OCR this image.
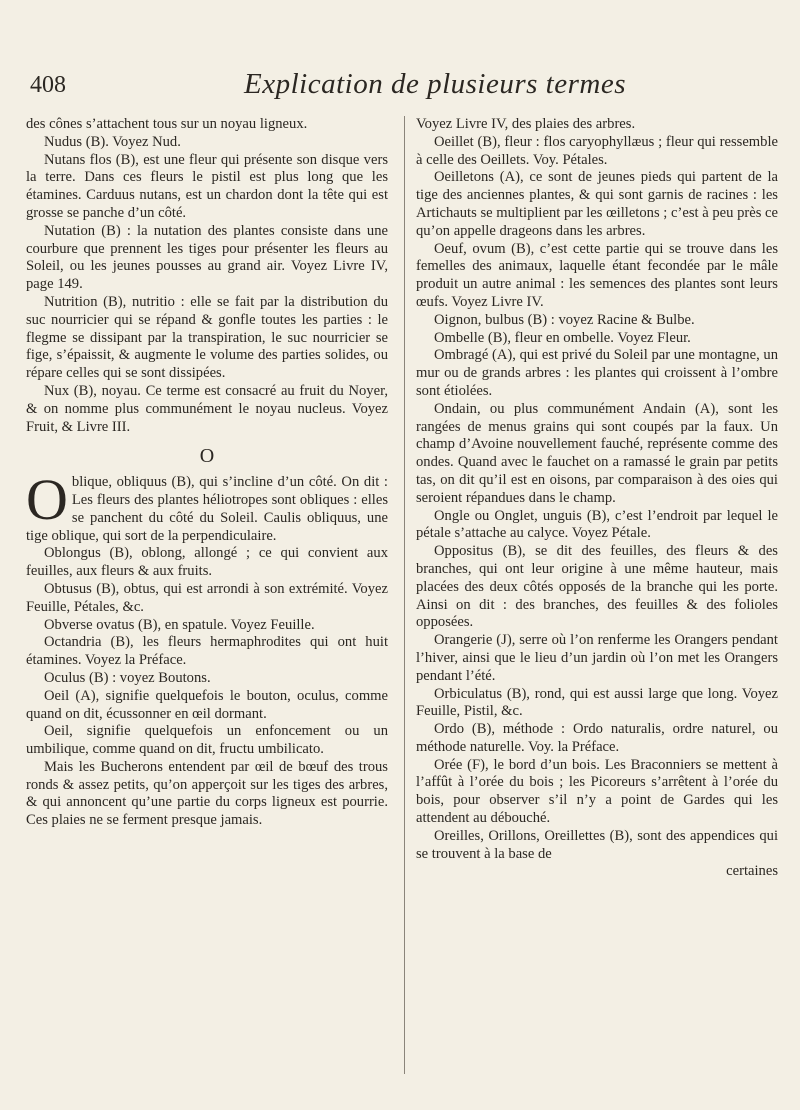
408	Explication de plusieurs termes

des cônes s’attachent tous sur un noyau ligneux.

Nudus (B). Voyez Nud.

Nutans flos (B), est une fleur qui présente son disque vers la terre. Dans ces fleurs le pistil est plus long que les étamines. Carduus nutans, est un chardon dont la tête qui est grosse se panche d’un côté.

Nutation (B) : la nutation des plantes consiste dans une courbure que prennent les tiges pour présenter les fleurs au Soleil, ou les jeunes pousses au grand air. Voyez Livre IV, page 149.

Nutrition (B), nutritio : elle se fait par la distribution du suc nourricier qui se répand & gonfle toutes les parties : le flegme se dissipant par la transpiration, le suc nourricier se fige, s’épaissit, & augmente le volume des parties solides, ou répare celles qui se sont dissipées.

Nux (B), noyau. Ce terme est consacré au fruit du Noyer, & on nomme plus communément le noyau nucleus. Voyez Fruit, & Livre III.

O

Oblique, obliquus (B), qui s’incline d’un côté. On dit : Les fleurs des plantes héliotropes sont obliques : elles se panchent du côté du Soleil. Caulis obliquus, une tige oblique, qui sort de la perpendiculaire.

Oblongus (B), oblong, allongé ; ce qui convient aux feuilles, aux fleurs & aux fruits.

Obtusus (B), obtus, qui est arrondi à son extrémité. Voyez Feuille, Pétales, &c.

Obverse ovatus (B), en spatule. Voyez Feuille.

Octandria (B), les fleurs hermaphrodites qui ont huit étamines. Voyez la Préface.

Oculus (B) : voyez Boutons.

Oeil (A), signifie quelquefois le bouton, oculus, comme quand on dit, écussonner en œil dormant.

Oeil, signifie quelquefois un enfoncement ou un umbilique, comme quand on dit, fructu umbilicato.

Mais les Bucherons entendent par œil de bœuf des trous ronds & assez petits, qu’on apperçoit sur les tiges des arbres, & qui annoncent qu’une partie du corps ligneux est pourrie. Ces plaies ne se ferment presque jamais.

Voyez Livre IV, des plaies des arbres.

Oeillet (B), fleur : flos caryophyllæus ; fleur qui ressemble à celle des Oeillets. Voy. Pétales.

Oeilletons (A), ce sont de jeunes pieds qui partent de la tige des anciennes plantes, & qui sont garnis de racines : les Artichauts se multiplient par les œilletons ; c’est à peu près ce qu’on appelle drageons dans les arbres.

Oeuf, ovum (B), c’est cette partie qui se trouve dans les femelles des animaux, laquelle étant fecondée par le mâle produit un autre animal : les semences des plantes sont leurs œufs. Voyez Livre IV.

Oignon, bulbus (B) : voyez Racine & Bulbe.

Ombelle (B), fleur en ombelle. Voyez Fleur.

Ombragé (A), qui est privé du Soleil par une montagne, un mur ou de grands arbres : les plantes qui croissent à l’ombre sont étiolées.

Ondain, ou plus communément Andain (A), sont les rangées de menus grains qui sont coupés par la faux. Un champ d’Avoine nouvellement fauché, représente comme des ondes. Quand avec le fauchet on a ramassé le grain par petits tas, on dit qu’il est en oisons, par comparaison à des oies qui seroient répandues dans le champ.

Ongle ou Onglet, unguis (B), c’est l’endroit par lequel le pétale s’attache au calyce. Voyez Pétale.

Oppositus (B), se dit des feuilles, des fleurs & des branches, qui ont leur origine à une même hauteur, mais placées des deux côtés opposés de la branche qui les porte. Ainsi on dit : des branches, des feuilles & des folioles opposées.

Orangerie (J), serre où l’on renferme les Orangers pendant l’hiver, ainsi que le lieu d’un jardin où l’on met les Orangers pendant l’été.

Orbiculatus (B), rond, qui est aussi large que long. Voyez Feuille, Pistil, &c.

Ordo (B), méthode : Ordo naturalis, ordre naturel, ou méthode naturelle. Voy. la Préface.

Orée (F), le bord d’un bois. Les Braconniers se mettent à l’affût à l’orée du bois ; les Picoreurs s’arrêtent à l’orée du bois, pour observer s’il n’y a point de Gardes qui les attendent au débouché.

Oreilles, Orillons, Oreillettes (B), sont des appendices qui se trouvent à la base de

certaines
